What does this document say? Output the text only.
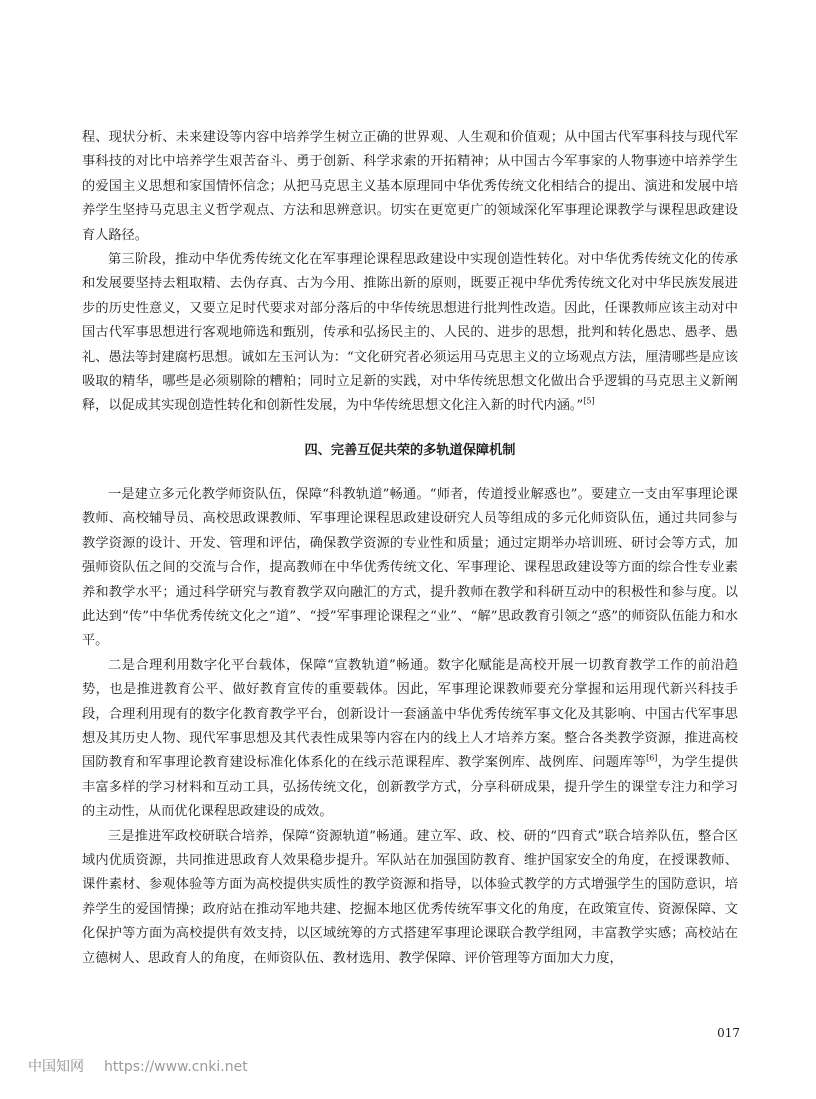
程、现状分析、未来建设等内容中培养学生树立正确的世界观、人生观和价值观；从中国古代军事科技与现代军事科技的对比中培养学生艰苦奋斗、勇于创新、科学求索的开拓精神；从中国古今军事家的人物事迹中培养学生的爱国主义思想和家国情怀信念；从把马克思主义基本原理同中华优秀传统文化相结合的提出、演进和发展中培养学生坚持马克思主义哲学观点、方法和思辨意识。切实在更宽更广的领域深化军事理论课教学与课程思政建设育人路径。

第三阶段，推动中华优秀传统文化在军事理论课程思政建设中实现创造性转化。对中华优秀传统文化的传承和发展要坚持去粗取精、去伪存真、古为今用、推陈出新的原则，既要正视中华优秀传统文化对中华民族发展进步的历史性意义，又要立足时代要求对部分落后的中华传统思想进行批判性改造。因此，任课教师应该主动对中国古代军事思想进行客观地筛选和甄别，传承和弘扬民主的、人民的、进步的思想，批判和转化愚忠、愚孝、愚礼、愚法等封建腐朽思想。诚如左玉河认为：“文化研究者必须运用马克思主义的立场观点方法，厘清哪些是应该吸取的精华，哪些是必须剔除的糟粕；同时立足新的实践，对中华传统思想文化做出合乎逻辑的马克思主义新阐释，以促成其实现创造性转化和创新性发展，为中华传统思想文化注入新的时代内涵。”[5]

四、完善互促共荣的多轨道保障机制

一是建立多元化教学师资队伍，保障“科教轨道”畅通。“师者，传道授业解惑也”。要建立一支由军事理论课教师、高校辅导员、高校思政课教师、军事理论课程思政建设研究人员等组成的多元化师资队伍，通过共同参与教学资源的设计、开发、管理和评估，确保教学资源的专业性和质量；通过定期举办培训班、研讨会等方式，加强师资队伍之间的交流与合作，提高教师在中华优秀传统文化、军事理论、课程思政建设等方面的综合性专业素养和教学水平；通过科学研究与教育教学双向融汇的方式，提升教师在教学和科研互动中的积极性和参与度。以此达到“传”中华优秀传统文化之“道”、“授”军事理论课程之“业”、“解”思政教育引领之“惑”的师资队伍能力和水平。

二是合理利用数字化平台载体，保障“宣教轨道”畅通。数字化赋能是高校开展一切教育教学工作的前沿趋势，也是推进教育公平、做好教育宣传的重要载体。因此，军事理论课教师要充分掌握和运用现代新兴科技手段，合理利用现有的数字化教育教学平台，创新设计一套涵盖中华优秀传统军事文化及其影响、中国古代军事思想及其历史人物、现代军事思想及其代表性成果等内容在内的线上人才培养方案。整合各类教学资源，推进高校国防教育和军事理论教育建设标准化体系化的在线示范课程库、教学案例库、战例库、问题库等[6]，为学生提供丰富多样的学习材料和互动工具，弘扬传统文化，创新教学方式，分享科研成果，提升学生的课堂专注力和学习的主动性，从而优化课程思政建设的成效。

三是推进军政校研联合培养，保障“资源轨道”畅通。建立军、政、校、研的“四育式”联合培养队伍，整合区域内优质资源，共同推进思政育人效果稳步提升。军队站在加强国防教育、维护国家安全的角度，在授课教师、课件素材、参观体验等方面为高校提供实质性的教学资源和指导，以体验式教学的方式增强学生的国防意识，培养学生的爱国情操；政府站在推动军地共建、挖掘本地区优秀传统军事文化的角度，在政策宣传、资源保障、文化保护等方面为高校提供有效支持，以区域统筹的方式搭建军事理论课联合教学组网，丰富教学实感；高校站在立德树人、思政育人的角度，在师资队伍、教材选用、教学保障、评价管理等方面加大力度，

017
中国知网 https://www.cnki.net
